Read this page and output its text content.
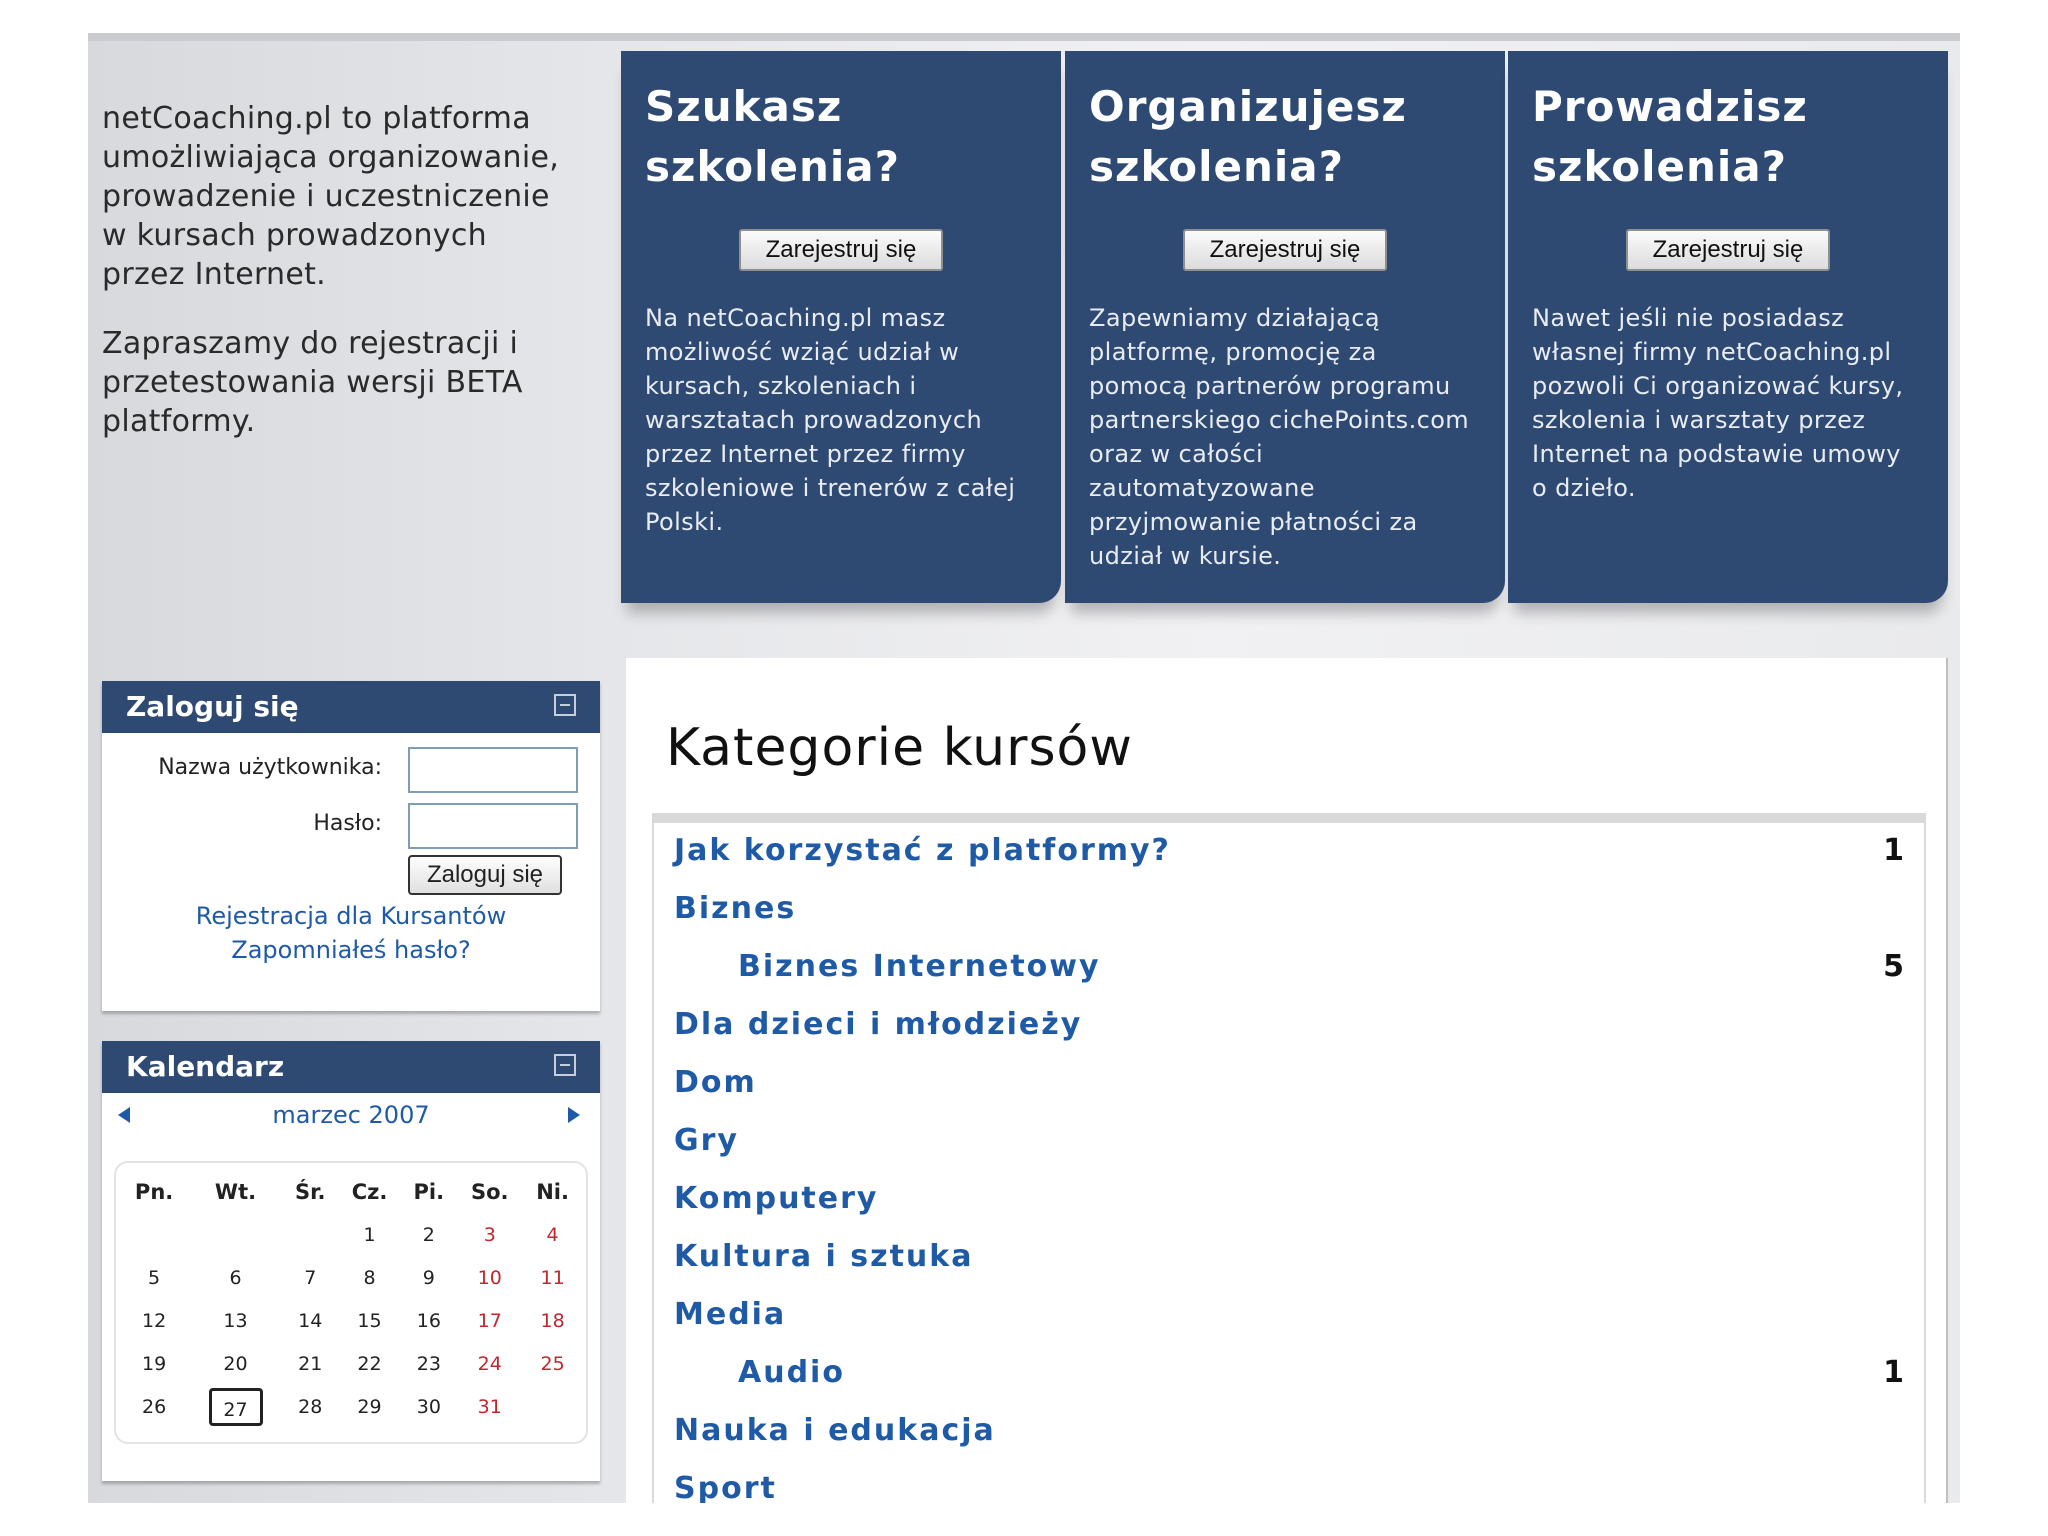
netCoaching.pl to platforma umożliwiająca organizowanie, prowadzenie i uczestniczenie w kursach prowadzonych przez Internet.

Zapraszamy do rejestracji i przetestowania wersji BETA platformy.

Szukasz szkolenia?
Zarejestruj się
Na netCoaching.pl masz możliwość wziąć udział w kursach, szkoleniach i warsztatach prowadzonych przez Internet przez firmy szkoleniowe i trenerów z całej Polski.
Organizujesz szkolenia?
Zarejestruj się
Zapewniamy działającą platformę, promocję za pomocą partnerów programu partnerskiego cichePoints.com oraz w całości zautomatyzowane przyjmowanie płatności za udział w kursie.
Prowadzisz szkolenia?
Zarejestruj się
Nawet jeśli nie posiadasz własnej firmy netCoaching.pl pozwoli Ci organizować kursy, szkolenia i warsztaty przez Internet na podstawie umowy o dzieło.
Zaloguj się
Nazwa użytkownika:
Hasło:
Zaloguj się
Rejestracja dla Kursantów
Zapomniałeś hasło?
Kalendarz
marzec 2007
Pn.	Wt.	Śr.	Cz.	Pi.	So.	Ni.
			1	2	3	4
5	6	7	8	9	10	11
12	13	14	15	16	17	18
19	20	21	22	23	24	25
26	27	28	29	30	31	
Kategorie kursów
Jak korzystać z platformy?	1
Biznes
Biznes Internetowy	5
Dla dzieci i młodzieży
Dom
Gry
Komputery
Kultura i sztuka
Media
Audio	1
Nauka i edukacja
Sport
